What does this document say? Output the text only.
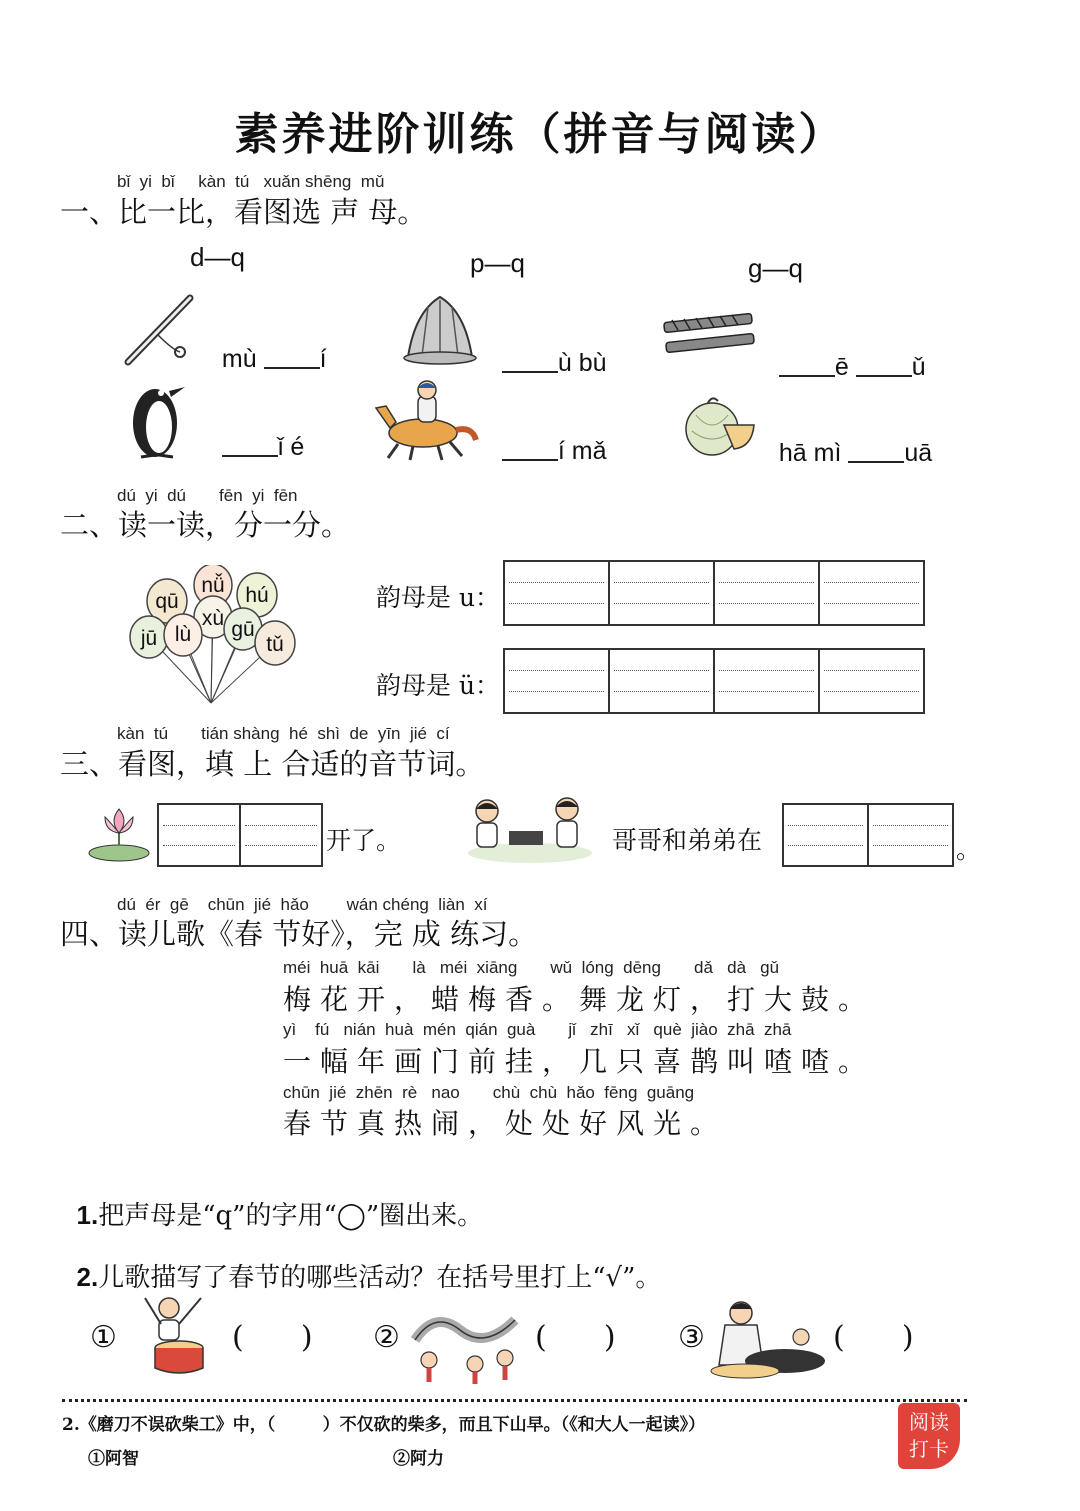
素养进阶训练（拼音与阅读）
bǐ  yi  bǐ     kàn  tú   xuǎn shēng  mǔ
一、比一比，看图选 声 母。
d—q	p—q	g—q

mù í	ù bù	ē ǔ

ǐ é	í mǎ	hā mì uā

dú  yi  dú       fēn  yi  fēn
二、读一读，分一分。
nǚ
qū	hú
xù
jū lù gū
tǔ
韵母是 u：
韵母是 ü：
kàn  tú       tián shàng  hé  shì  de  yīn  jié  cí
三、看图，填 上 合适的音节词。
开了。	哥哥和弟弟在	。
dú  ér  gē    chūn  jié  hǎo        wán chéng  liàn  xí
四、读儿歌《春 节好》，完 成 练习。
méi  huā  kāi       là   méi  xiāng       wǔ  lóng  dēng       dǎ   dà   gǔ
梅花开，蜡梅香。舞龙灯，打大鼓。
yì    fú   nián  huà  mén  qián  guà       jǐ   zhī   xǐ   què  jiào  zhā  zhā
一幅年画门前挂，几只喜鹊叫喳喳。
chūn  jié  zhēn  rè   nao       chù  chù  hǎo  fēng  guāng
春节真热闹，处处好风光。

1.把声母是“q”的字用“◯”圈出来。

2.儿歌描写了春节的哪些活动？在括号里打上“√”。

①	(      ) ②	(      ) ③	(      )
2.《磨刀不误砍柴工》中，（        ）不仅砍的柴多，而且下山早。（《和大人一起读》）
①阿智	②阿力
阅读
打卡
